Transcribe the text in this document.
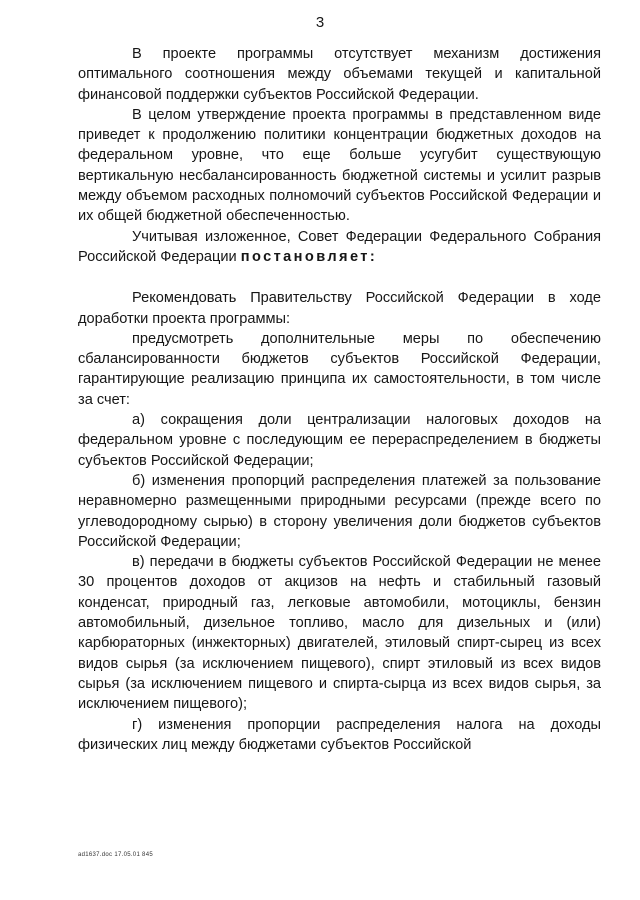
3

В проекте программы отсутствует механизм достижения оптимального соотношения между объемами текущей и капитальной финансовой поддержки субъектов Российской Федерации.

В целом утверждение проекта программы в представленном виде приведет к продолжению политики концентрации бюджетных доходов на федеральном уровне, что еще больше усугубит существующую вертикальную несбалансированность бюджетной системы и усилит разрыв между объемом расходных полномочий субъектов Российской Федерации и их общей бюджетной обеспеченностью.

Учитывая изложенное, Совет Федерации Федерального Собрания Российской Федерации постановляет:

Рекомендовать Правительству Российской Федерации в ходе доработки проекта программы:

предусмотреть дополнительные меры по обеспечению сбалансированности бюджетов субъектов Российской Федерации, гарантирующие реализацию принципа их самостоятельности, в том числе за счет:

а) сокращения доли централизации налоговых доходов на федеральном уровне с последующим ее перераспределением в бюджеты субъектов Российской Федерации;

б) изменения пропорций распределения платежей за пользование неравномерно размещенными природными ресурсами (прежде всего по углеводородному сырью) в сторону увеличения доли бюджетов субъектов Российской Федерации;

в) передачи в бюджеты субъектов Российской Федерации не менее 30 процентов доходов от акцизов на нефть и стабильный газовый конденсат, природный газ, легковые автомобили, мотоциклы, бензин автомобильный, дизельное топливо, масло для дизельных и (или) карбюраторных (инжекторных) двигателей, этиловый спирт-сырец из всех видов сырья (за исключением пищевого), спирт этиловый из всех видов сырья (за исключением пищевого и спирта-сырца из всех видов сырья, за исключением пищевого);

г) изменения пропорции распределения налога на доходы физических лиц между бюджетами субъектов Российской

ad1637.doc 17.05.01 845
